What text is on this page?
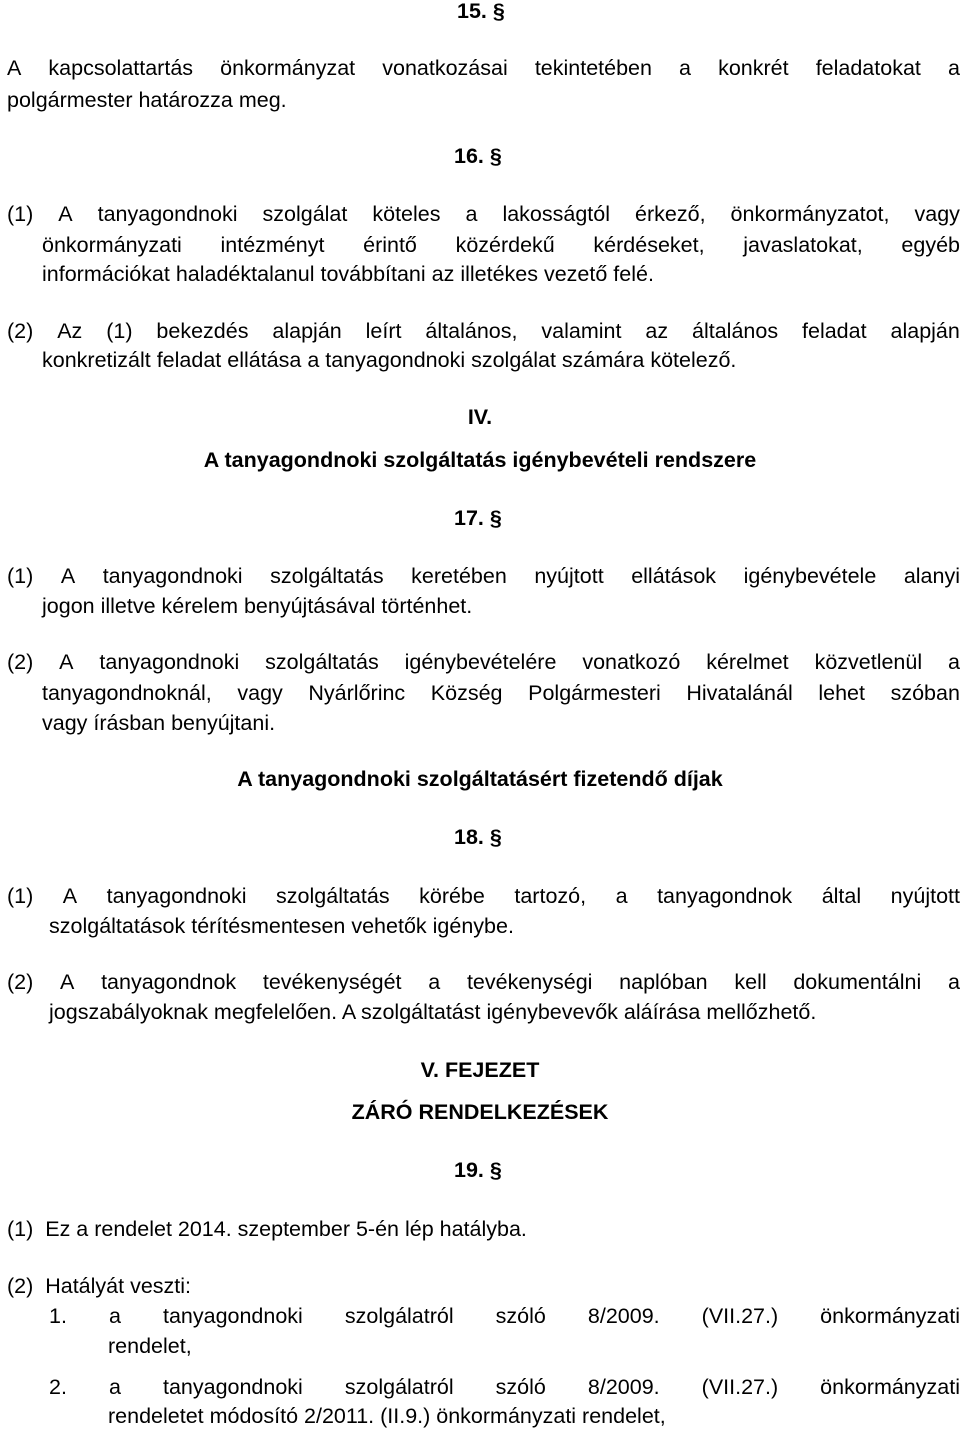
15. §
A kapcsolattartás önkormányzat vonatkozásai tekintetében a konkrét feladatokat a
polgármester határozza meg.
16. §
(1) A tanyagondnoki szolgálat köteles a lakosságtól érkező, önkormányzatot, vagy
önkormányzati intézményt érintő közérdekű kérdéseket, javaslatokat, egyéb
információkat haladéktalanul továbbítani az illetékes vezető felé.
(2) Az (1) bekezdés alapján leírt általános, valamint az általános feladat alapján
konkretizált feladat ellátása a tanyagondnoki szolgálat számára kötelező.
IV.
A tanyagondnoki szolgáltatás igénybevételi rendszere
17. §
(1) A tanyagondnoki szolgáltatás keretében nyújtott ellátások igénybevétele alanyi
jogon illetve kérelem benyújtásával történhet.
(2) A tanyagondnoki szolgáltatás igénybevételére vonatkozó kérelmet közvetlenül a
tanyagondnoknál, vagy Nyárlőrinc Község Polgármesteri Hivatalánál lehet szóban
vagy írásban benyújtani.
A tanyagondnoki szolgáltatásért fizetendő díjak
18. §
(1) A tanyagondnoki szolgáltatás körébe tartozó, a tanyagondnok által nyújtott
szolgáltatások térítésmentesen vehetők igénybe.
(2) A tanyagondnok tevékenységét a tevékenységi naplóban kell dokumentálni a
jogszabályoknak megfelelően. A szolgáltatást igénybevevők aláírása mellőzhető.
V. FEJEZET
ZÁRÓ RENDELKEZÉSEK
19. §
(1)  Ez a rendelet 2014. szeptember 5-én lép hatályba.
(2)  Hatályát veszti:
1. a tanyagondnoki szolgálatról szóló 8/2009. (VII.27.) önkormányzati
rendelet,
2. a tanyagondnoki szolgálatról szóló 8/2009. (VII.27.) önkormányzati
rendeletet módosító 2/2011. (II.9.) önkormányzati rendelet,
